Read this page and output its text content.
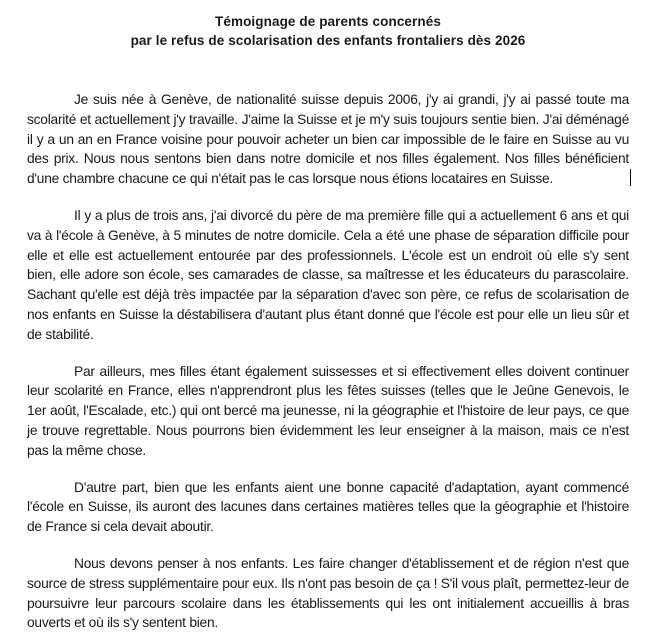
Témoignage de parents concernés
par le refus de scolarisation des enfants frontaliers dès 2026

Je suis née à Genève, de nationalité suisse depuis 2006, j'y ai grandi, j'y ai passé toute ma scolarité et actuellement j'y travaille. J'aime la Suisse et je m'y suis toujours sentie bien. J'ai déménagé il y a un an en France voisine pour pouvoir acheter un bien car impossible de le faire en Suisse au vu des prix. Nous nous sentons bien dans notre domicile et nos filles également. Nos filles bénéficient d'une chambre chacune ce qui n'était pas le cas lorsque nous étions locataires en Suisse.

Il y a plus de trois ans, j'ai divorcé du père de ma première fille qui a actuellement 6 ans et qui va à l'école à Genève, à 5 minutes de notre domicile. Cela a été une phase de séparation difficile pour elle et elle est actuellement entourée par des professionnels. L'école est un endroit où elle s'y sent bien, elle adore son école, ses camarades de classe, sa maîtresse et les éducateurs du parascolaire. Sachant qu'elle est déjà très impactée par la séparation d'avec son père, ce refus de scolarisation de nos enfants en Suisse la déstabilisera d'autant plus étant donné que l'école est pour elle un lieu sûr et de stabilité.

Par ailleurs, mes filles étant également suissesses et si effectivement elles doivent continuer leur scolarité en France, elles n'apprendront plus les fêtes suisses (telles que le Jeûne Genevois, le 1er août, l'Escalade, etc.) qui ont bercé ma jeunesse, ni la géographie et l'histoire de leur pays, ce que je trouve regrettable. Nous pourrons bien évidemment les leur enseigner à la maison, mais ce n'est pas la même chose.

D'autre part, bien que les enfants aient une bonne capacité d'adaptation, ayant commencé l'école en Suisse, ils auront des lacunes dans certaines matières telles que la géographie et l'histoire de France si cela devait aboutir.

Nous devons penser à nos enfants. Les faire changer d'établissement et de région n'est que source de stress supplémentaire pour eux. Ils n'ont pas besoin de ça ! S'il vous plaît, permettez-leur de poursuivre leur parcours scolaire dans les établissements qui les ont initialement accueillis à bras ouverts et où ils s'y sentent bien.
